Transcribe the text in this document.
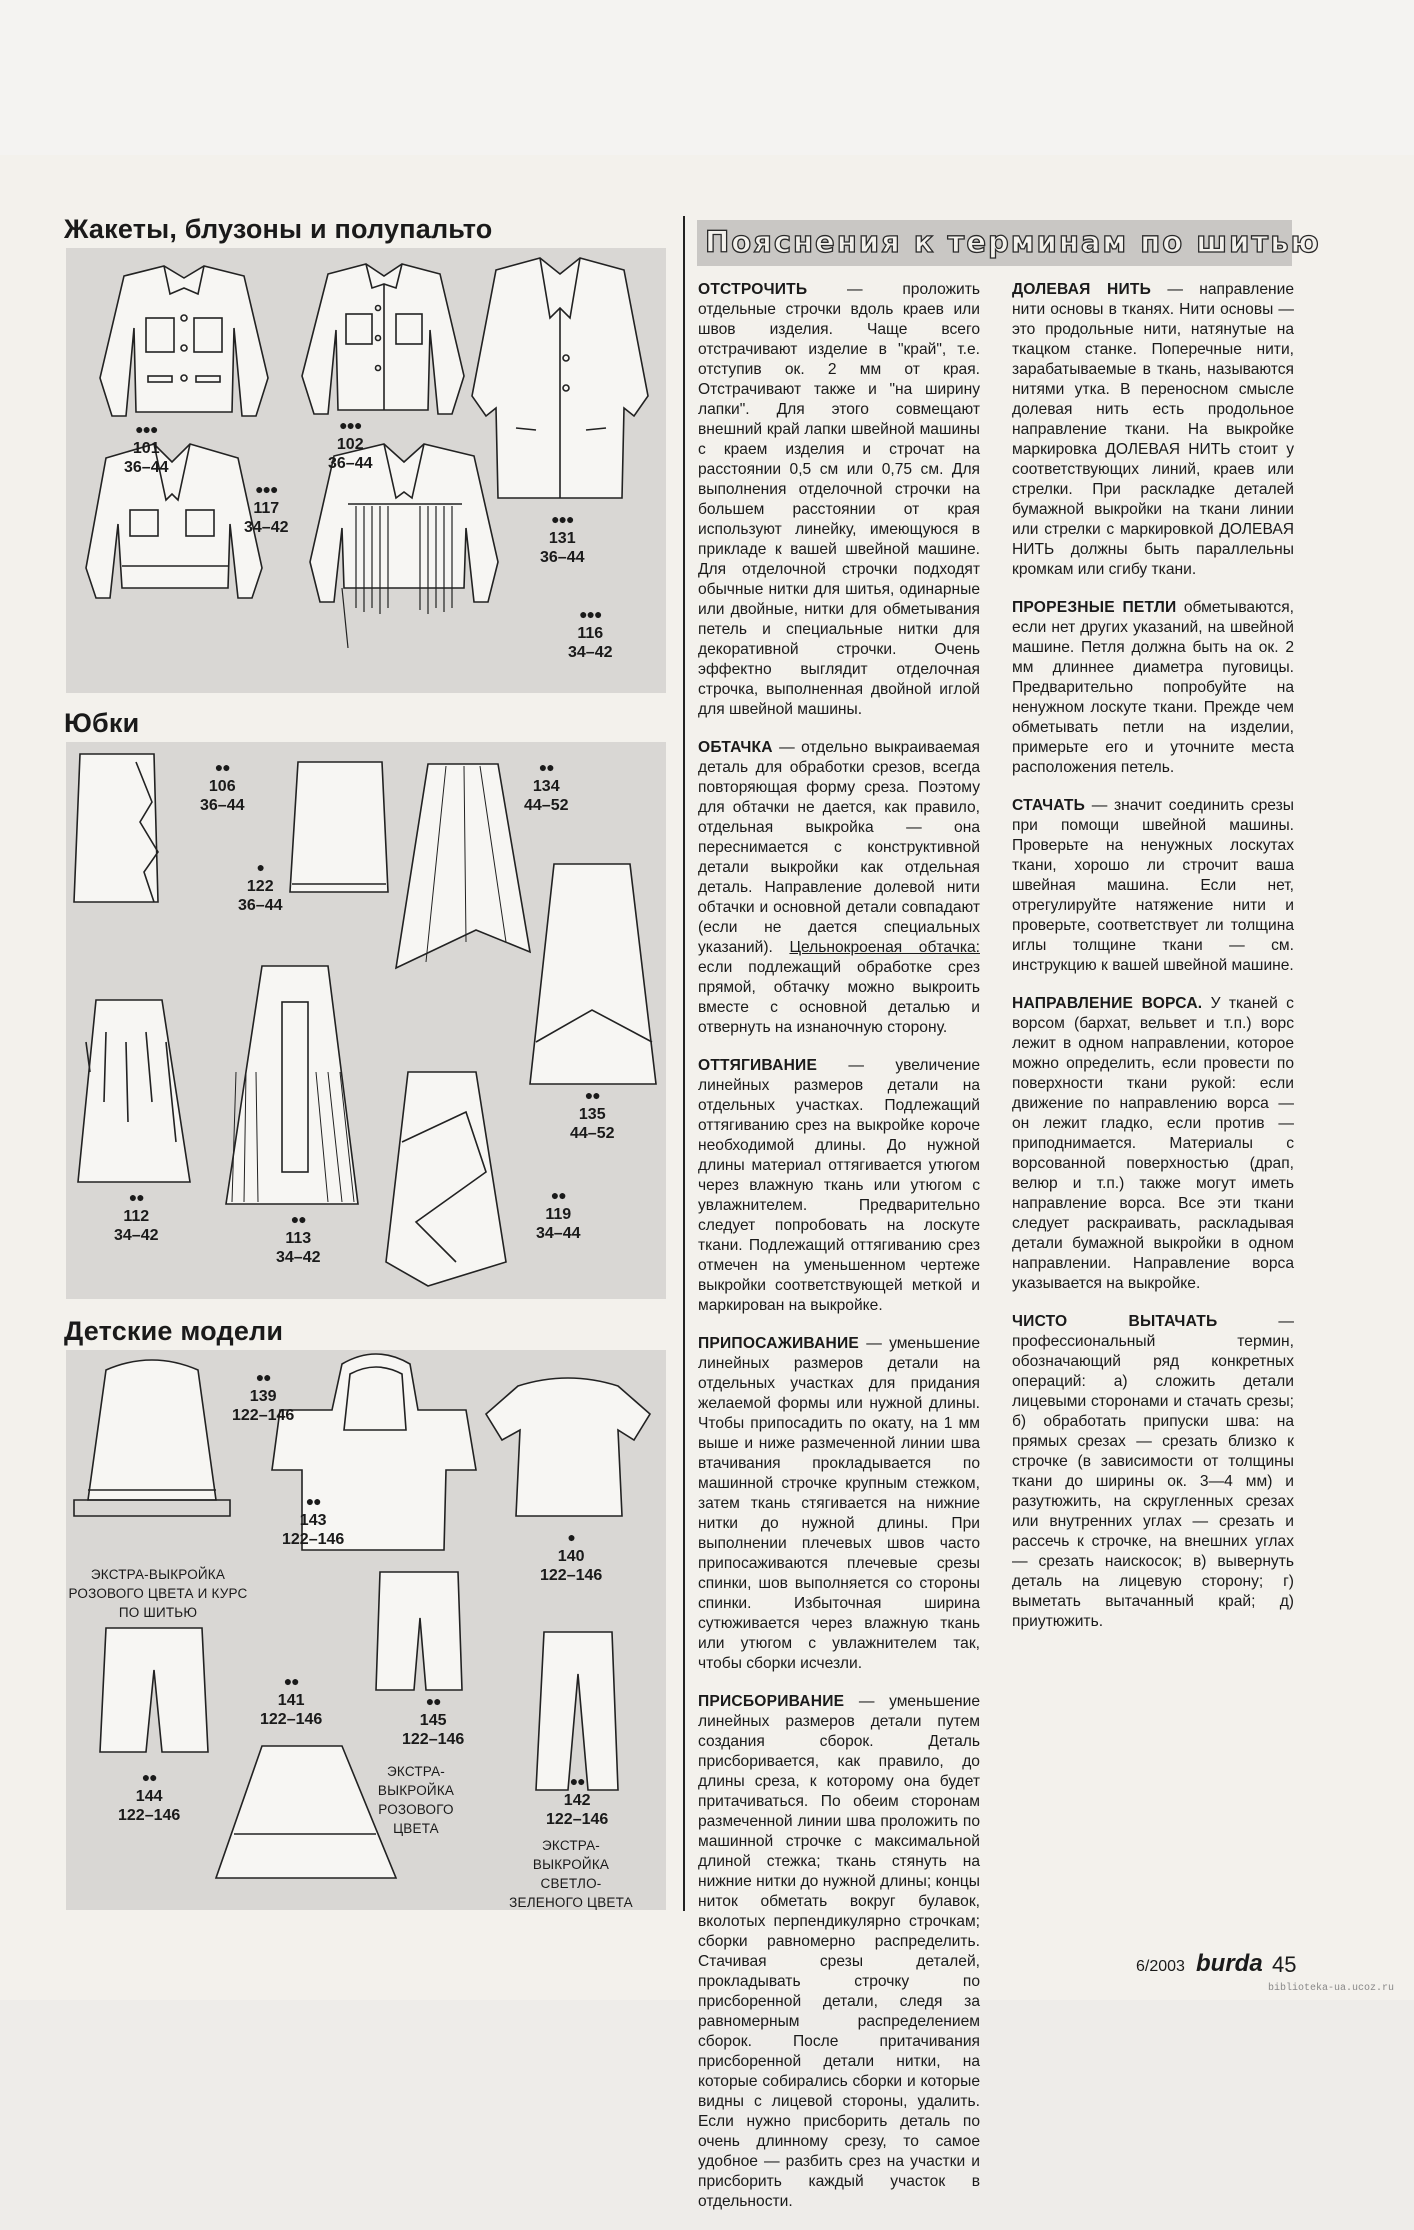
Жакеты, блузоны и полупальто
●●●
101
36–44
●●●
102
36–44
●●●
117
34–42	●●●
131
36–44
●●●
116
34–42
Юбки
●●
106
36–44
●●
134
44–52
●
122
36–44
●●
112
34–42
●●
113
34–42
●●
135
44–52
●●
119
34–44
Детские модели
●●
139
122–146
●●
143
122–146	●
140
122–146
●●
141
122–146
●●
145
122–146
●●
144
122–146
●●
142
122–146
ЭКСТРА-ВЫКРОЙКА РОЗОВОГО ЦВЕТА И КУРС ПО ШИТЬЮ
ЭКСТРА-ВЫКРОЙКА РОЗОВОГО ЦВЕТА
ЭКСТРА-ВЫКРОЙКА СВЕТЛО-ЗЕЛЕНОГО ЦВЕТА
Пояснения к терминам по шитью

ОТСТРОЧИТЬ — проложить отдельные строчки вдоль краев или швов изделия. Чаще всего отстрачивают изделие в "край", т.е. отступив ок. 2 мм от края. Отстрачивают также и "на ширину лапки". Для этого совмещают внешний край лапки швейной машины с краем изделия и строчат на расстоянии 0,5 см или 0,75 см. Для выполнения отделочной строчки на большем расстоянии от края используют линейку, имеющуюся в прикладе к вашей швейной машине. Для отделочной строчки подходят обычные нитки для шитья, одинарные или двойные, нитки для обметывания петель и специальные нитки для декоративной строчки. Очень эффектно выглядит отделочная строчка, выполненная двойной иглой для швейной машины.

ОБТАЧКА — отдельно выкраиваемая деталь для обработки срезов, всегда повторяющая форму среза. Поэтому для обтачки не дается, как правило, отдельная выкройка — она переснимается с конструктивной детали выкройки как отдельная деталь. Направление долевой нити обтачки и основной детали совпадают (если не дается специальных указаний). Цельнокроеная обтачка: если подлежащий обработке срез прямой, обтачку можно выкроить вместе с основной деталью и отвернуть на изнаночную сторону.

ОТТЯГИВАНИЕ — увеличение линейных размеров детали на отдельных участках. Подлежащий оттягиванию срез на выкройке короче необходимой длины. До нужной длины материал оттягивается утюгом через влажную ткань или утюгом с увлажнителем. Предварительно следует попробовать на лоскуте ткани. Подлежащий оттягиванию срез отмечен на уменьшенном чертеже выкройки соответствующей меткой и маркирован на выкройке.

ПРИПОСАЖИВАНИЕ — уменьшение линейных размеров детали на отдельных участках для придания желаемой формы или нужной длины. Чтобы припосадить по окату, на 1 мм выше и ниже размеченной линии шва втачивания прокладывается по машинной строчке крупным стежком, затем ткань стягивается на нижние нитки до нужной длины. При выполнении плечевых швов часто припосаживаются плечевые срезы спинки, шов выполняется со стороны спинки. Избыточная ширина сутюживается через влажную ткань или утюгом с увлажнителем так, чтобы сборки исчезли.

ПРИСБОРИВАНИЕ — уменьшение линейных размеров детали путем создания сборок. Деталь присборивается, как правило, до длины среза, к которому она будет притачиваться. По обеим сторонам размеченной линии шва проложить по машинной строчке с максимальной длиной стежка; ткань стянуть на нижние нитки до нужной длины; концы ниток обметать вокруг булавок, вколотых перпендикулярно строчкам; сборки равномерно распределить. Стачивая срезы деталей, прокладывать строчку по присборенной детали, следя за равномерным распределением сборок. После притачивания присборенной детали нитки, на которые собирались сборки и которые видны с лицевой стороны, удалить. Если нужно присборить деталь по очень длинному срезу, то самое удобное — разбить срез на участки и присборить каждый участок в отдельности.

ДОЛЕВАЯ НИТЬ — направление нити основы в тканях. Нити основы — это продольные нити, натянутые на ткацком станке. Поперечные нити, зарабатываемые в ткань, называются нитями утка. В переносном смысле долевая нить есть продольное направление ткани. На выкройке маркировка ДОЛЕВАЯ НИТЬ стоит у соответствующих линий, краев или стрелки. При раскладке деталей бумажной выкройки на ткани линии или стрелки с маркировкой ДОЛЕВАЯ НИТЬ должны быть параллельны кромкам или сгибу ткани.

ПРОРЕЗНЫЕ ПЕТЛИ обметываются, если нет других указаний, на швейной машине. Петля должна быть на ок. 2 мм длиннее диаметра пуговицы. Предварительно попробуйте на ненужном лоскуте ткани. Прежде чем обметывать петли на изделии, примерьте его и уточните места расположения петель.

СТАЧАТЬ — значит соединить срезы при помощи швейной машины. Проверьте на ненужных лоскутах ткани, хорошо ли строчит ваша швейная машина. Если нет, отрегулируйте натяжение нити и проверьте, соответствует ли толщина иглы толщине ткани — см. инструкцию к вашей швейной машине.

НАПРАВЛЕНИЕ ВОРСА. У тканей с ворсом (бархат, вельвет и т.п.) ворс лежит в одном направлении, которое можно определить, если провести по поверхности ткани рукой: если движение по направлению ворса — он лежит гладко, если против — приподнимается. Материалы с ворсованной поверхностью (драп, велюр и т.п.) также могут иметь направление ворса. Все эти ткани следует раскраивать, раскладывая детали бумажной выкройки в одном направлении. Направление ворса указывается на выкройке.

ЧИСТО ВЫТАЧАТЬ — профессиональный термин, обозначающий ряд конкретных операций: а) сложить детали лицевыми сторонами и стачать срезы; б) обработать припуски шва: на прямых срезах — срезать близко к строчке (в зависимости от толщины ткани до ширины ок. 3—4 мм) и разутюжить, на скругленных срезах или внутренних углах — срезать и рассечь к строчке, на внешних углах — срезать наискосок; в) вывернуть деталь на лицевую сторону; г) выметать вытачанный край; д) приутюжить.

6/2003 burda 45
biblioteka-ua.ucoz.ru
